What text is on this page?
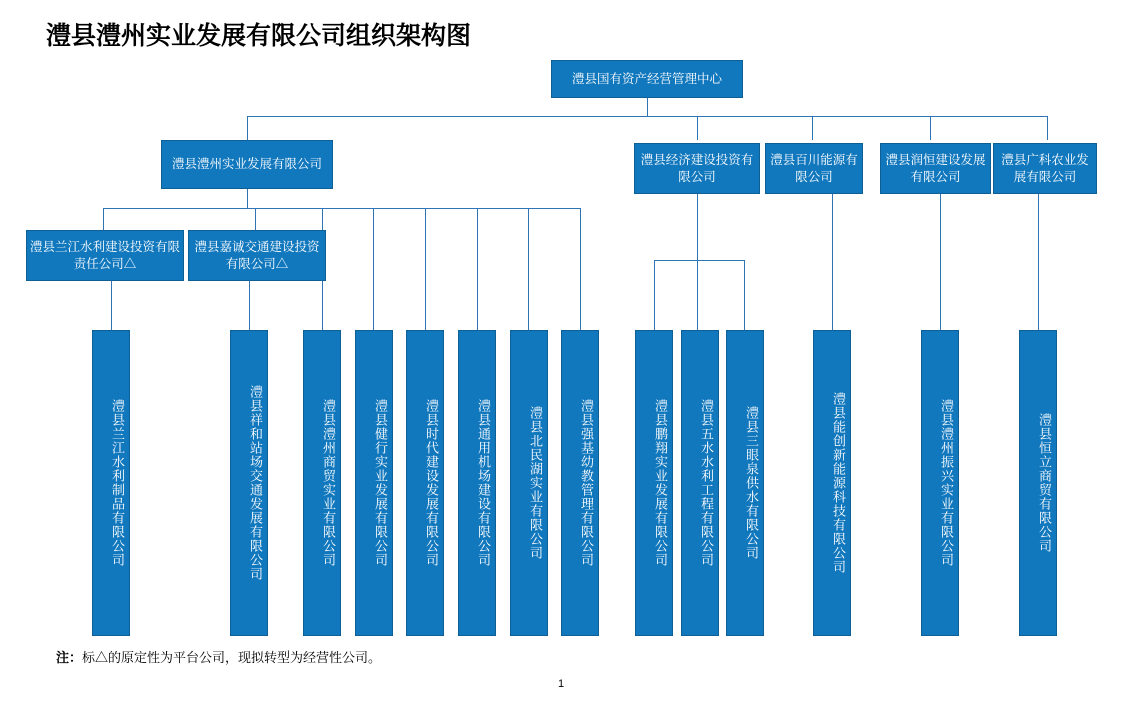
澧县澧州实业发展有限公司组织架构图
澧县国有资产经营管理中心
澧县澧州实业发展有限公司	澧县经济建设投资有限公司
澧县百川能源有限公司
澧县润恒建设发展有限公司
澧县广科农业发展有限公司
澧县兰江水利建设投资有限责任公司△
澧县嘉诚交通建设投资有限公司△
澧县兰江水利制品有限公司	澧县祥和站场交通发展有限公司	澧县澧州商贸实业有限公司	澧县健行实业发展有限公司	澧县时代建设发展有限公司	澧县通用机场建设有限公司	澧县北民湖实业有限公司	澧县强基幼教管理有限公司	澧县鹏翔实业发展有限公司 澧县五水水利工程有限公司 澧县三眼泉供水有限公司	澧县能创新能源科技有限公司	澧县澧州振兴实业有限公司	澧县恒立商贸有限公司
注：标△的原定性为平台公司，现拟转型为经营性公司。
1
